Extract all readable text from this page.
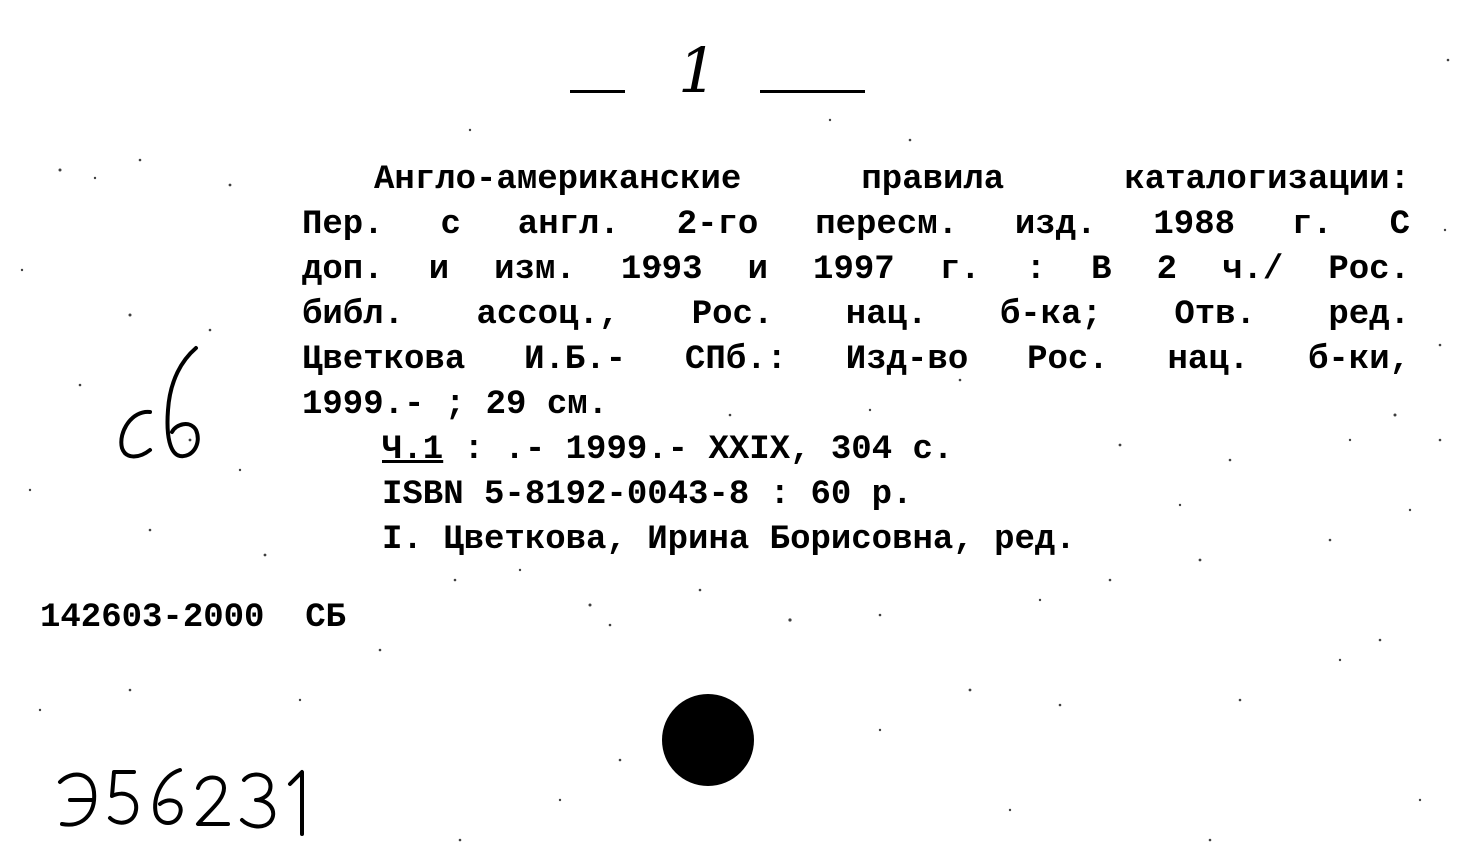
1
Англо-американские правила каталогизации:
Пер. с англ. 2-го пересм. изд. 1988 г. С
доп. и изм. 1993 и 1997 г. : В 2 ч./ Рос.
библ. ассоц., Рос. нац. б-ка; Отв. ред.
Цветкова И.Б.- СПб.: Изд-во Рос. нац. б-ки,
1999.- ; 29 см.
Ч.1 : .- 1999.- XXIX, 304 с.
ISBN 5-8192-0043-8 : 60 р.
I. Цветкова, Ирина Борисовна, ред.
142603-2000  СБ
